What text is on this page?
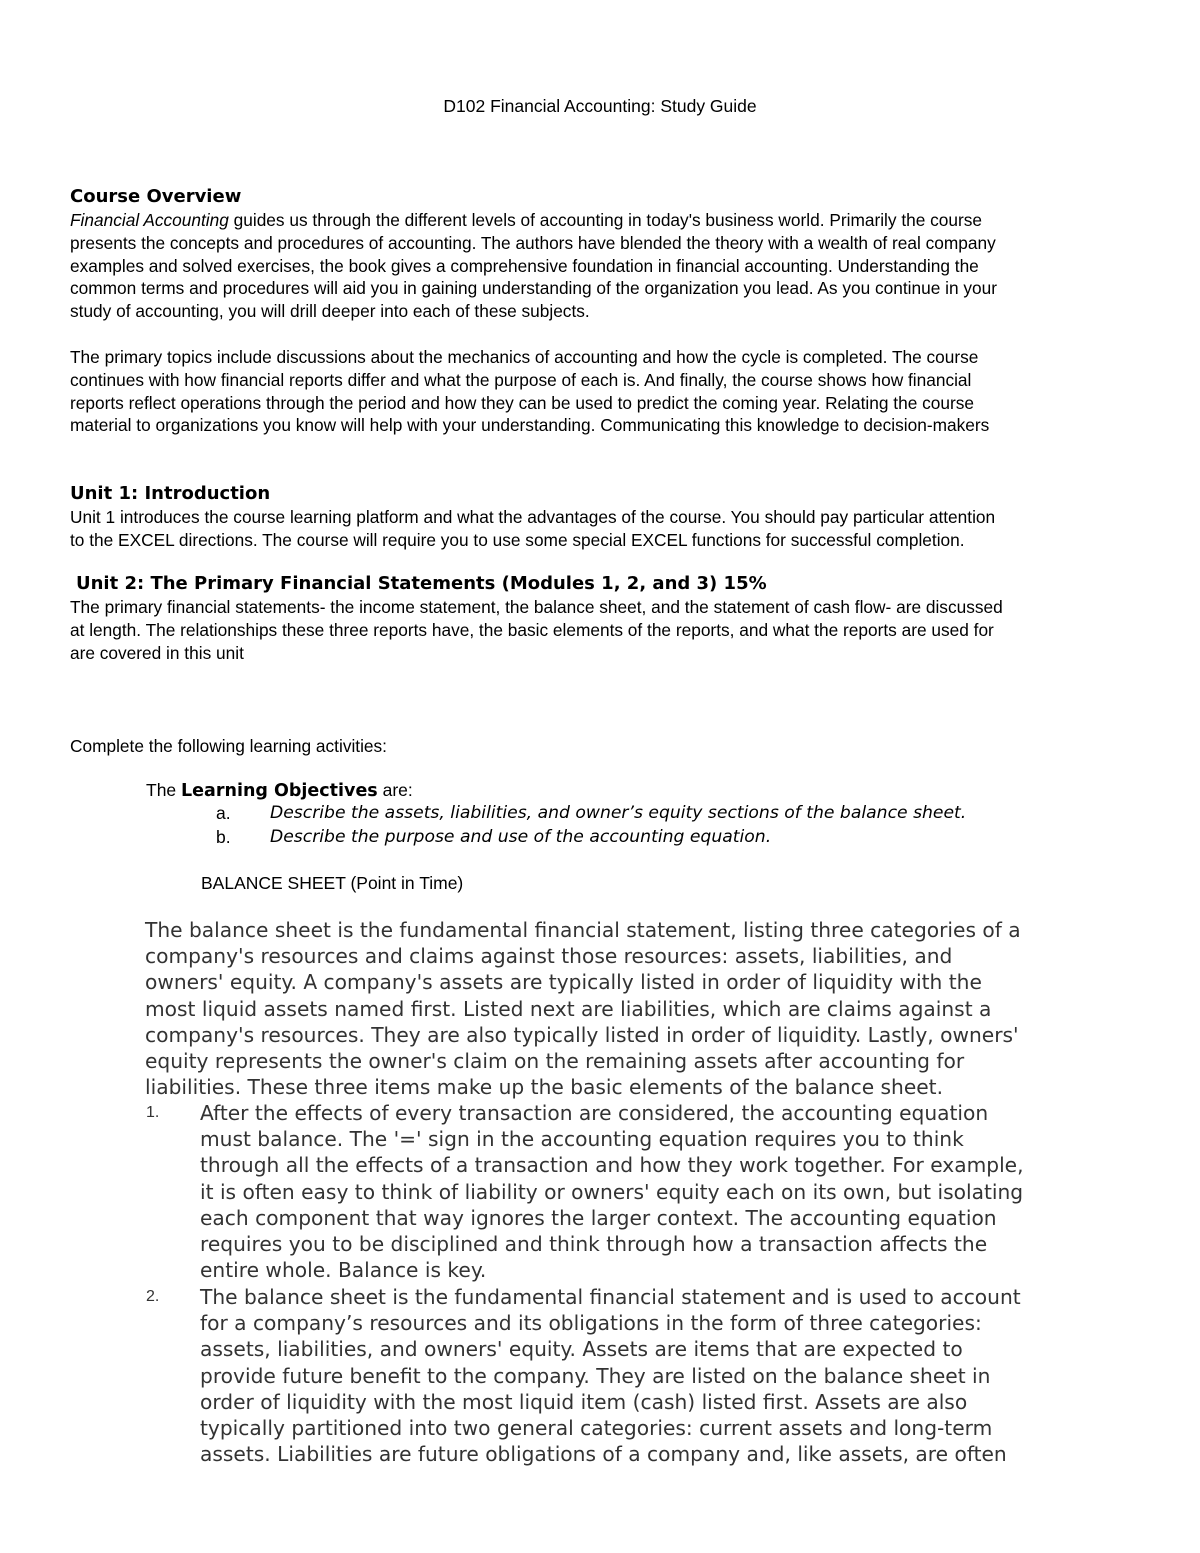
D102 Financial Accounting: Study Guide
Course Overview
Financial Accounting guides us through the different levels of accounting in today's business world. Primarily the course
presents the concepts and procedures of accounting. The authors have blended the theory with a wealth of real company
examples and solved exercises, the book gives a comprehensive foundation in financial accounting. Understanding the
common terms and procedures will aid you in gaining understanding of the organization you lead. As you continue in your
study of accounting, you will drill deeper into each of these subjects.
The primary topics include discussions about the mechanics of accounting and how the cycle is completed. The course
continues with how financial reports differ and what the purpose of each is. And finally, the course shows how financial
reports reflect operations through the period and how they can be used to predict the coming year. Relating the course
material to organizations you know will help with your understanding. Communicating this knowledge to decision-makers
Unit 1: Introduction
Unit 1 introduces the course learning platform and what the advantages of the course. You should pay particular attention
to the EXCEL directions. The course will require you to use some special EXCEL functions for successful completion.
Unit 2: The Primary Financial Statements (Modules 1, 2, and 3) 15%
The primary financial statements- the income statement, the balance sheet, and the statement of cash flow- are discussed
at length. The relationships these three reports have, the basic elements of the reports, and what the reports are used for
are covered in this unit
Complete the following learning activities:
The Learning Objectives are:
a. Describe the assets, liabilities, and owner’s equity sections of the balance sheet.
b. Describe the purpose and use of the accounting equation.
BALANCE SHEET (Point in Time)
The balance sheet is the fundamental financial statement, listing three categories of a
company's resources and claims against those resources: assets, liabilities, and
owners' equity. A company's assets are typically listed in order of liquidity with the
most liquid assets named first. Listed next are liabilities, which are claims against a
company's resources. They are also typically listed in order of liquidity. Lastly, owners'
equity represents the owner's claim on the remaining assets after accounting for
liabilities. These three items make up the basic elements of the balance sheet.
1. After the effects of every transaction are considered, the accounting equation
must balance. The '=' sign in the accounting equation requires you to think
through all the effects of a transaction and how they work together. For example,
it is often easy to think of liability or owners' equity each on its own, but isolating
each component that way ignores the larger context. The accounting equation
requires you to be disciplined and think through how a transaction affects the
entire whole. Balance is key.
2. The balance sheet is the fundamental financial statement and is used to account
for a company’s resources and its obligations in the form of three categories:
assets, liabilities, and owners' equity. Assets are items that are expected to
provide future benefit to the company. They are listed on the balance sheet in
order of liquidity with the most liquid item (cash) listed first. Assets are also
typically partitioned into two general categories: current assets and long-term
assets. Liabilities are future obligations of a company and, like assets, are often
